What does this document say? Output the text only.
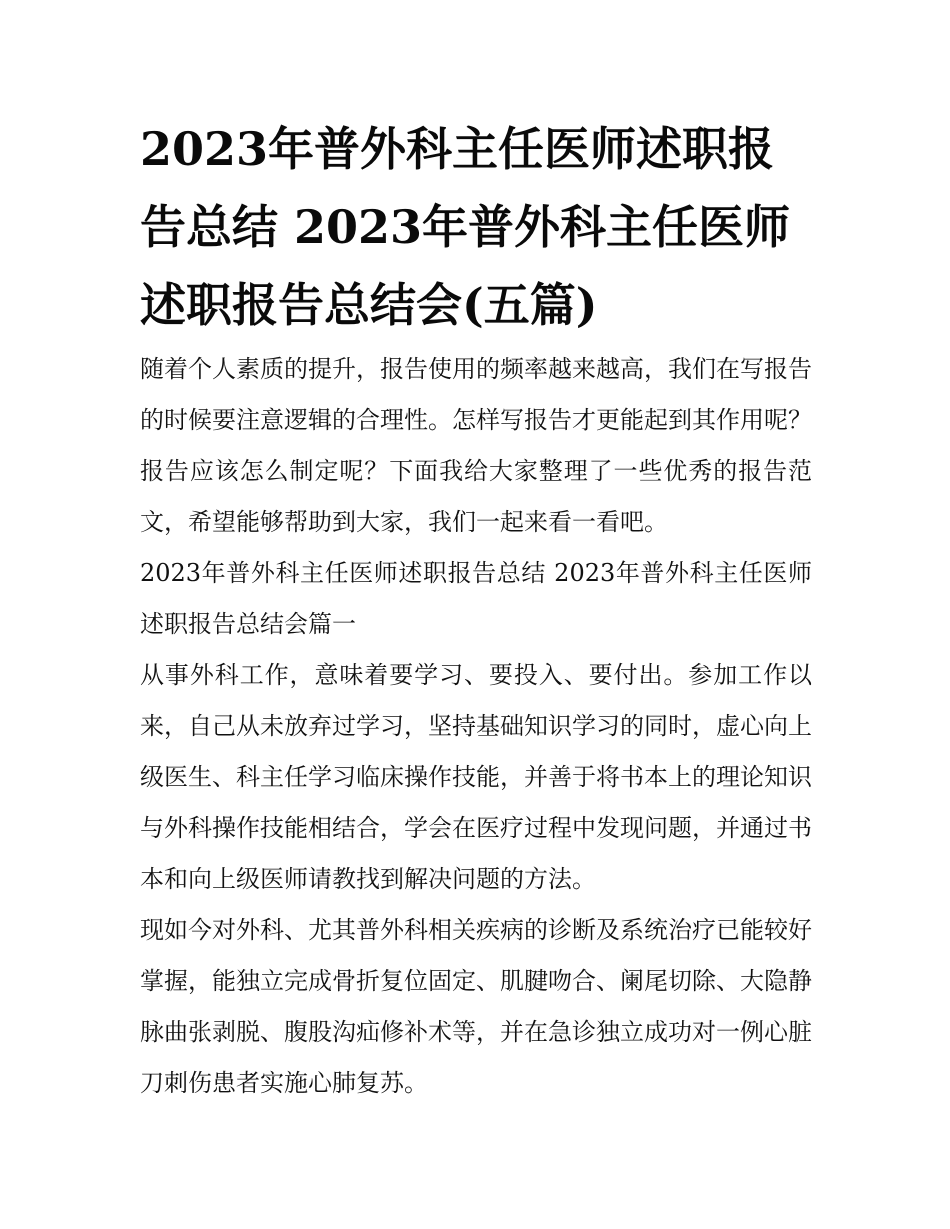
2023年普外科主任医师述职报告总结 2023年普外科主任医师述职报告总结会(五篇)

随着个人素质的提升，报告使用的频率越来越高，我们在写报告的时候要注意逻辑的合理性。怎样写报告才更能起到其作用呢？报告应该怎么制定呢？下面我给大家整理了一些优秀的报告范文，希望能够帮助到大家，我们一起来看一看吧。

2023年普外科主任医师述职报告总结 2023年普外科主任医师述职报告总结会篇一

从事外科工作，意味着要学习、要投入、要付出。参加工作以来，自己从未放弃过学习，坚持基础知识学习的同时，虚心向上级医生、科主任学习临床操作技能，并善于将书本上的理论知识与外科操作技能相结合，学会在医疗过程中发现问题，并通过书本和向上级医师请教找到解决问题的方法。

现如今对外科、尤其普外科相关疾病的诊断及系统治疗已能较好掌握，能独立完成骨折复位固定、肌腱吻合、阑尾切除、大隐静脉曲张剥脱、腹股沟疝修补术等，并在急诊独立成功对一例心脏刀刺伤患者实施心肺复苏。
